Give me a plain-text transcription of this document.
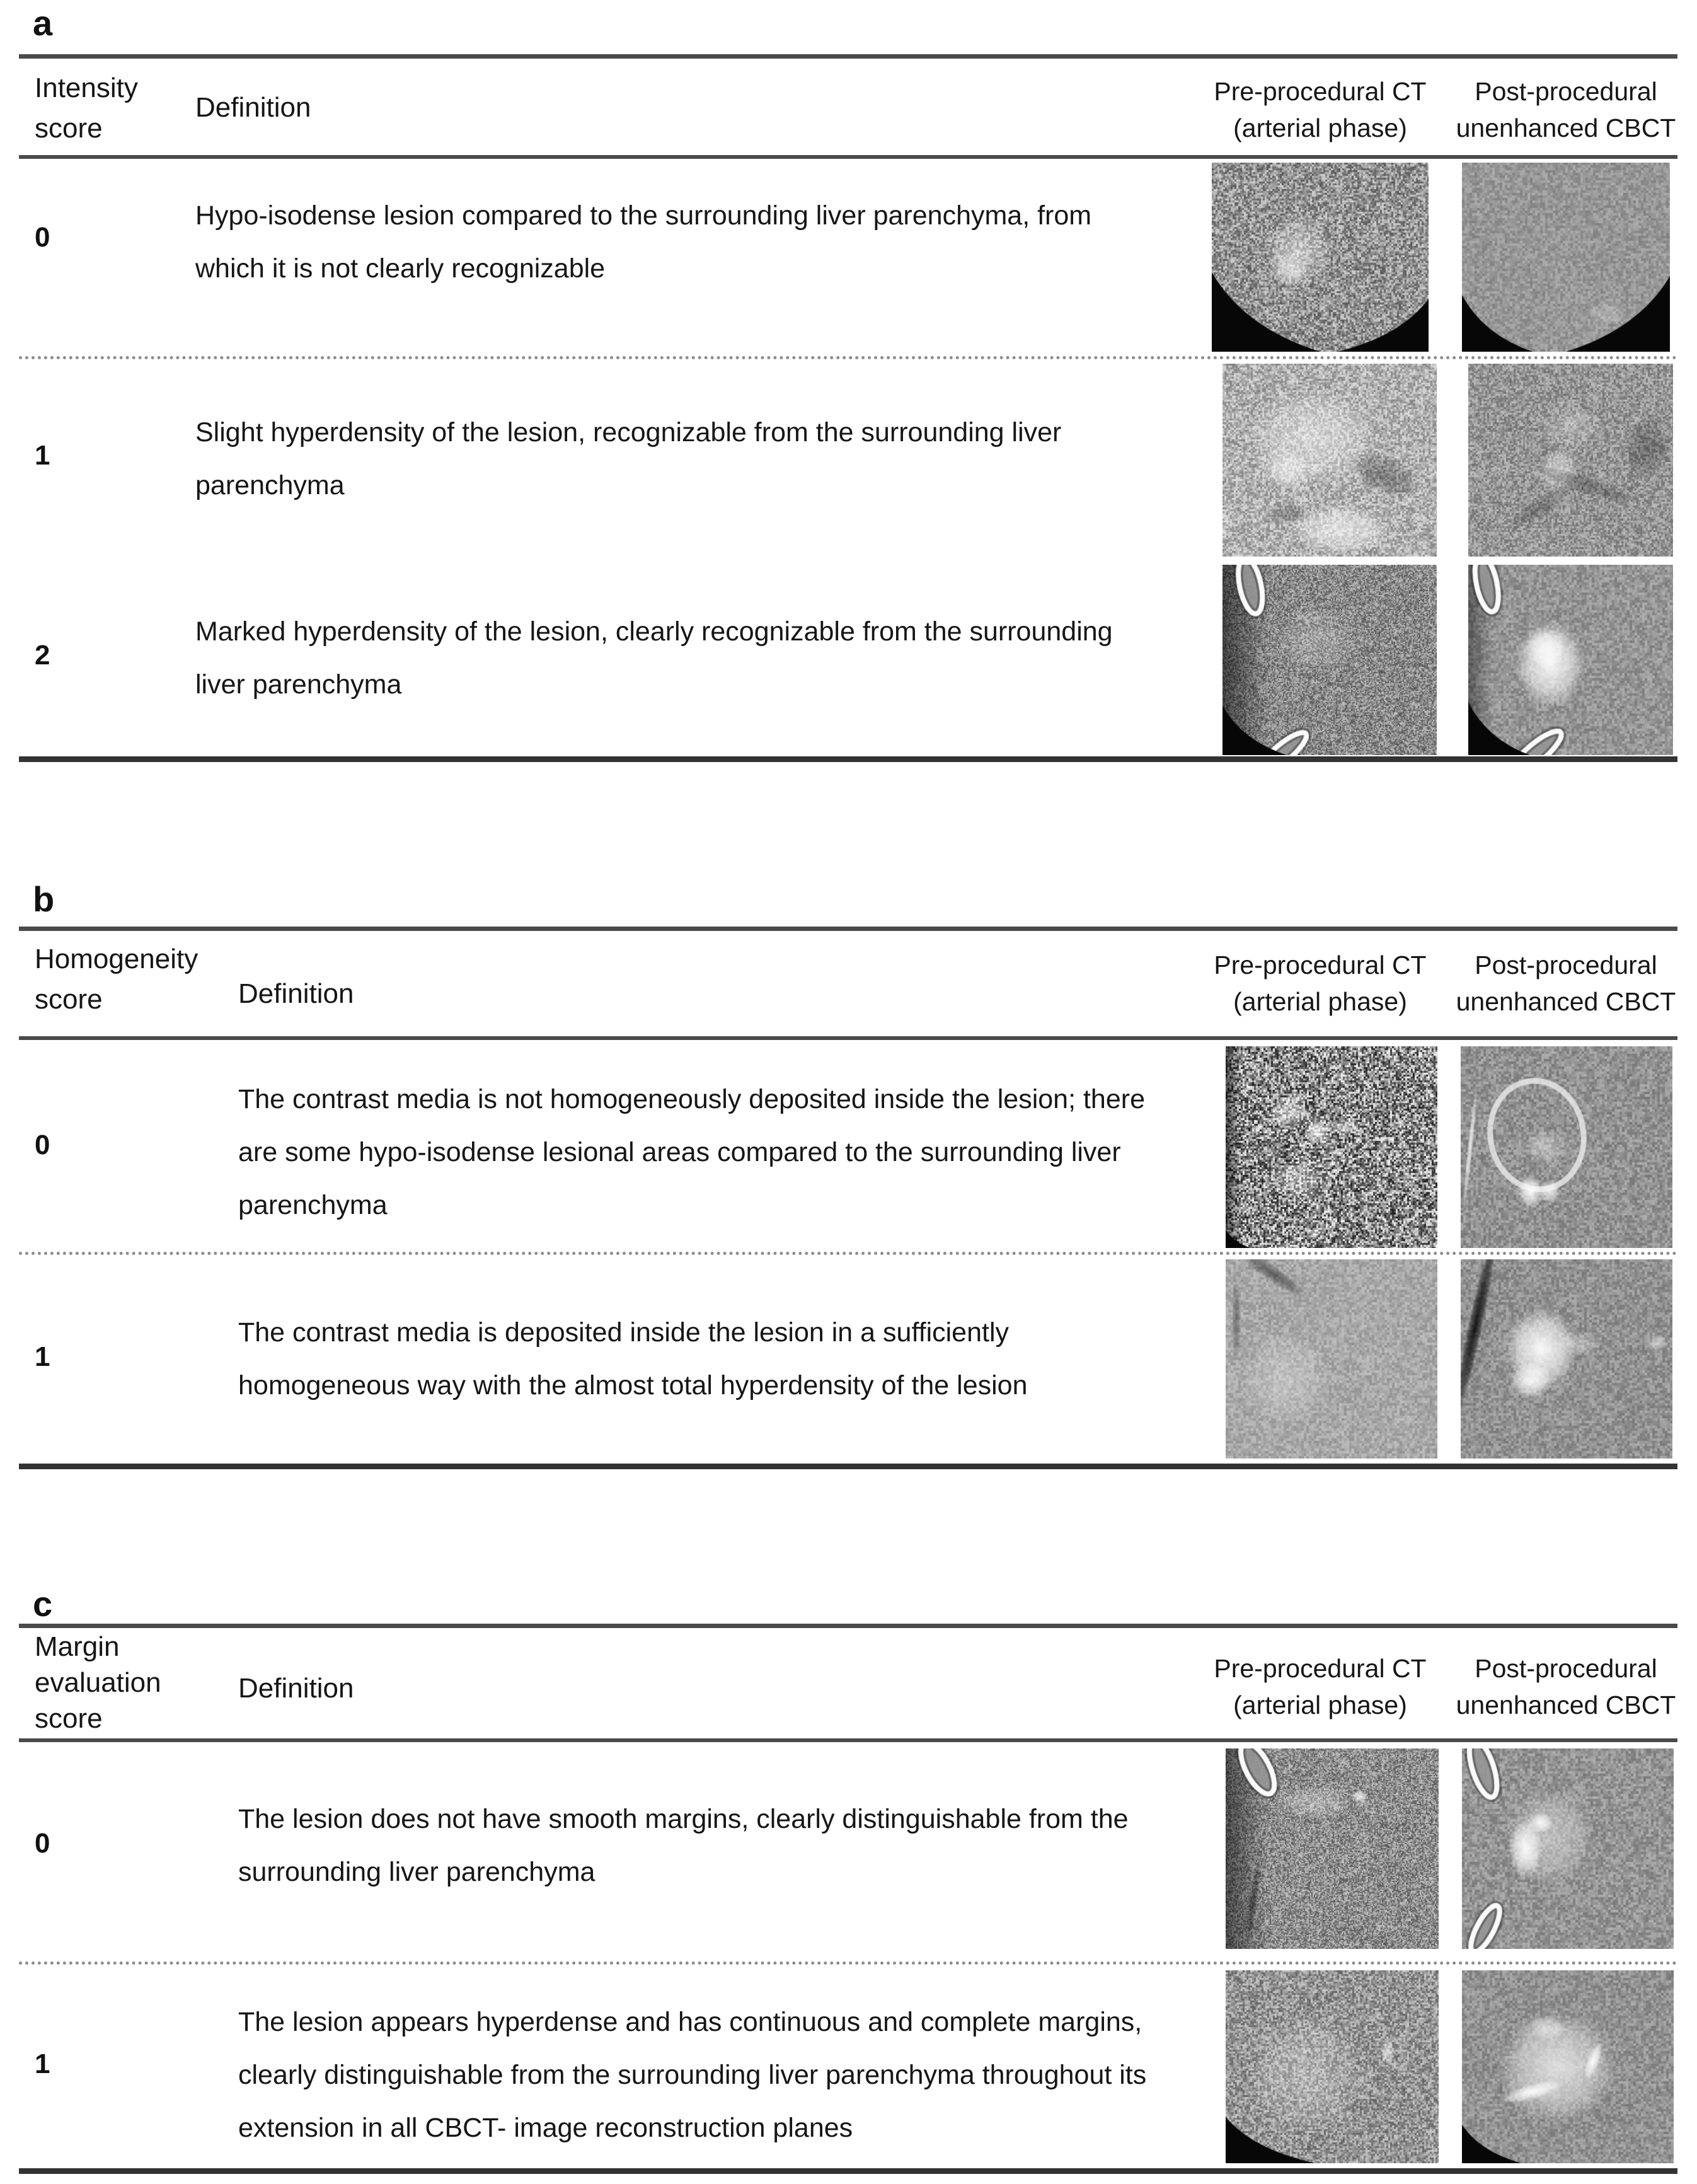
a
Intensity score
Definition
Pre-procedural CT (arterial phase)
Post-procedural unenhanced CBCT
0
Hypo-isodense lesion compared to the surrounding liver parenchyma, from which it is not clearly recognizable
1
Slight hyperdensity of the lesion, recognizable from the surrounding liver parenchyma
2
Marked hyperdensity of the lesion, clearly recognizable from the surrounding liver parenchyma
b
Homogeneity score	Definition
Pre-procedural CT (arterial phase)
Post-procedural unenhanced CBCT
0
The contrast media is not homogeneously deposited inside the lesion; there are some hypo-isodense lesional areas compared to the surrounding liver parenchyma
1
The contrast media is deposited inside the lesion in a sufficiently homogeneous way with the almost total hyperdensity of the lesion
c
Margin evaluation score
Definition
Pre-procedural CT (arterial phase)
Post-procedural unenhanced CBCT
0
The lesion does not have smooth margins, clearly distinguishable from the surrounding liver parenchyma
1
The lesion appears hyperdense and has continuous and complete margins, clearly distinguishable from the surrounding liver parenchyma throughout its extension in all CBCT- image reconstruction planes
